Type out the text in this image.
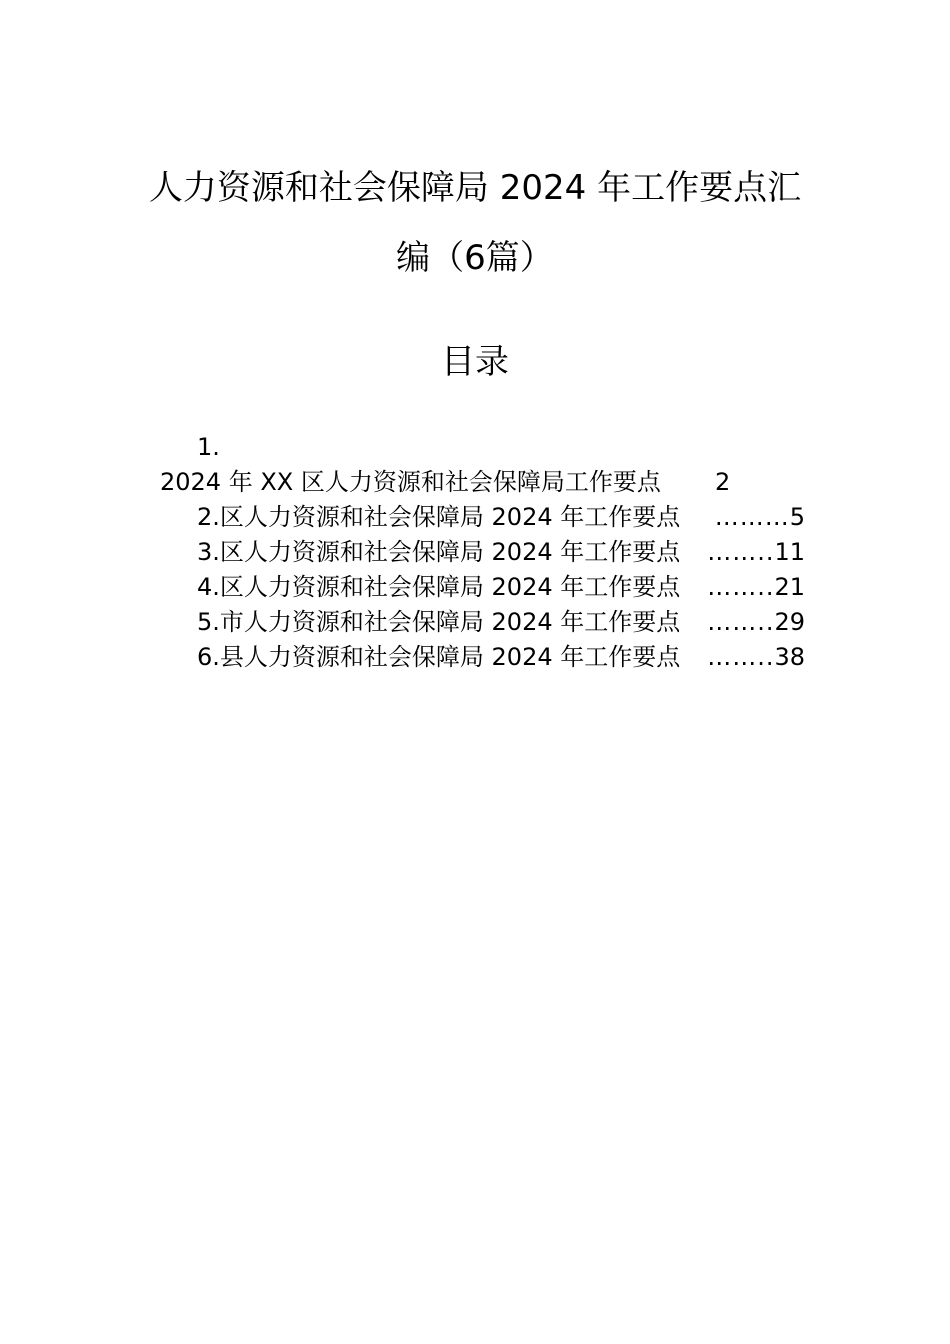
人力资源和社会保障局 2024 年工作要点汇
编（6篇）
目录
1.
2024 年 XX 区人力资源和社会保障局工作要点 2
2. 区人力资源和社会保障局 2024 年工作要点	……… 5
3. 区人力资源和社会保障局 2024 年工作要点	…….. 11
4. 区人力资源和社会保障局 2024 年工作要点	…….. 21
5. 市人力资源和社会保障局 2024 年工作要点	…….. 29
6. 县人力资源和社会保障局 2024 年工作要点	…….. 38
